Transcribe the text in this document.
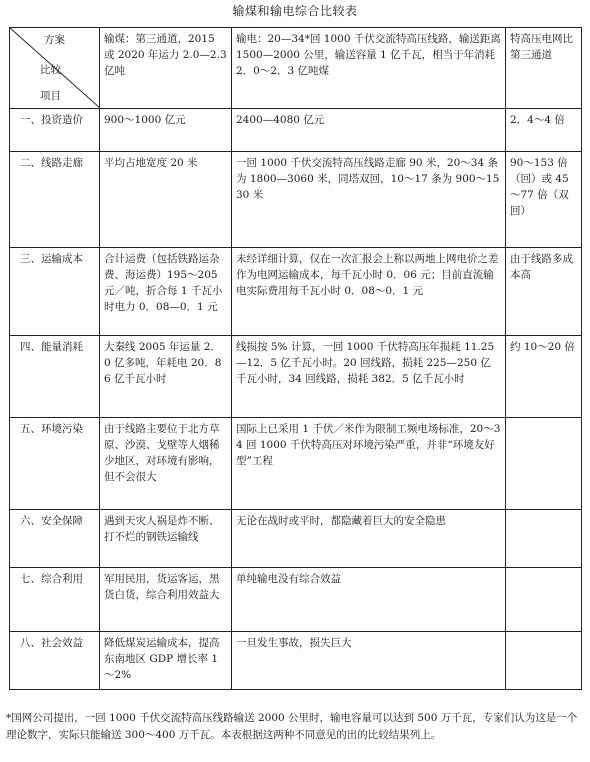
输煤和输电综合比较表
方案
比较
项目	输煤：第三通道，2015 或 2020 年运力 2.0—2.3 亿吨	输电：20—34*回 1000 千伏交流特高压线路，输送距离 1500—2000 公里，输送容量 1 亿千瓦，相当于年消耗 2．0～2．3 亿吨煤	特高压电网比第三通道
一、投资造价	900～1000 亿元	2400—4080 亿元	2．4～4 倍
二、线路走廊	平均占地宽度 20 米	一回 1000 千伏交流特高压线路走廊 90 米，20～34 条为 1800—3060 米，同塔双回，10～17 条为 900～1530 米	90～153 倍（回）或 45～77 倍（双回）
三、运输成本	合计运费（包括铁路运杂费、海运费）195～205 元／吨，折合每 1 千瓦小时电力 0．08—0．1 元	未经详细计算，仅在一次汇报会上称以两地上网电价之差作为电网运输成本，每千瓦小时 0．06 元；目前直流输电实际费用每千瓦小时 0．08～0．1 元	由于线路多成本高
四、能量消耗	大秦线 2005 年运量 2．0 亿多吨，年耗电 20．86 亿千瓦小时	线损按 5% 计算，一回 1000 千伏特高压年损耗 11.25—12．5 亿千瓦小时。20 回线路，损耗 225—250 亿千瓦小时，34 回线路，损耗 382．5 亿千瓦小时	约 10～20 倍
五、环境污染	由于线路主要位于北方草原、沙漠、戈壁等人烟稀少地区，对环境有影响，但不会很大	国际上已采用 1 千伏／米作为限制工频电场标准，20～34 回 1000 千伏特高压对环境污染严重，并非“环境友好型”工程	
六、安全保障	遇到天灾人祸是炸不断、打不烂的钢铁运输线	无论在战时或平时，都隐藏着巨大的安全隐患	
七、综合利用	军用民用，货运客运，黑货白货，综合利用效益大	单纯输电没有综合效益	
八、社会效益	降低煤炭运输成本，提高东南地区 GDP 增长率 1～2%	一旦发生事故，损失巨大	
*国网公司提出，一回 1000 千伏交流特高压线路输送 2000 公里时，输电容量可以达到 500 万千瓦，专家们认为这是一个理论数字，实际只能输送 300～400 万千瓦。本表根据这两种不同意见的出的比较结果列上。
